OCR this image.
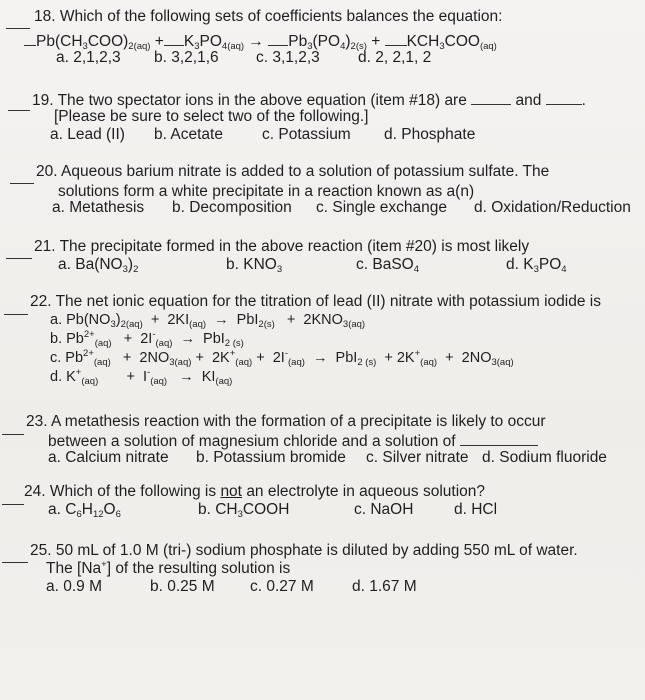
18. Which of the following sets of coefficients balances the equation:
$Pb(CH_3COO)_{2(aq)} + K_3PO_{4(aq)} \to Pb_3(PO_4)_{2(s)} + KCH_3COO_{(aq)}$
a. 2,1,2,3 b. 3,2,1,6 c. 3,1,2,3 d. 2, 2,1, 2
19. The two spectator ions in the above equation (item #18) are	and	.
[Please be sure to select two of the following.]
a. Lead (II) b. Acetate	c. Potassium d. Phosphate
20. Aqueous barium nitrate is added to a solution of potassium sulfate. The
solutions form a white precipitate in a reaction known as a(n)
a. Metathesis b. Decomposition c. Single exchange d. Oxidation/Reduction
21. The precipitate formed in the above reaction (item #20) is most likely
a. $Ba(NO_3)_2$	b. $KNO_3$	c. BaSO$_4$	d. $K_3PO_4$
22. The net ionic equation for the titration of lead (II) nitrate with potassium iodide is
a. $Pb(NO_3)_{2(aq)} + 2KI_{(aq)} \to PbI_{2(s)} + 2KNO_{3(aq)}$
b. $Pb^{2+}_{(aq)} + 2I^-_{(aq)} \to PbI_{2 (s)}$
c. $Pb^{2+}_{(aq)} + 2NO_{3(aq)} + 2K^+_{(aq)} + 2I^-_{(aq)} \to PbI_{2 (s)} + 2K^+_{(aq)} + 2NO_{3(aq)}$
d. $K^+_{(aq)}$       +  $I^-_{(aq)} \to KI_{(aq)}$
23. A metathesis reaction with the formation of a precipitate is likely to occur
between a solution of magnesium chloride and a solution of
a. Calcium nitrate b. Potassium bromide c. Silver nitrate d. Sodium fluoride
24. Which of the following is not an electrolyte in aqueous solution?
a. $C_6H_{12}O_6$	b. $CH_3COOH$	c. NaOH	d. HCl
25. 50 mL of 1.0 M (tri-) sodium phosphate is diluted by adding 550 mL of water.
The [Na+] of the resulting solution is
a. 0.9 M	b. 0.25 M c. 0.27 M d. 1.67 M
